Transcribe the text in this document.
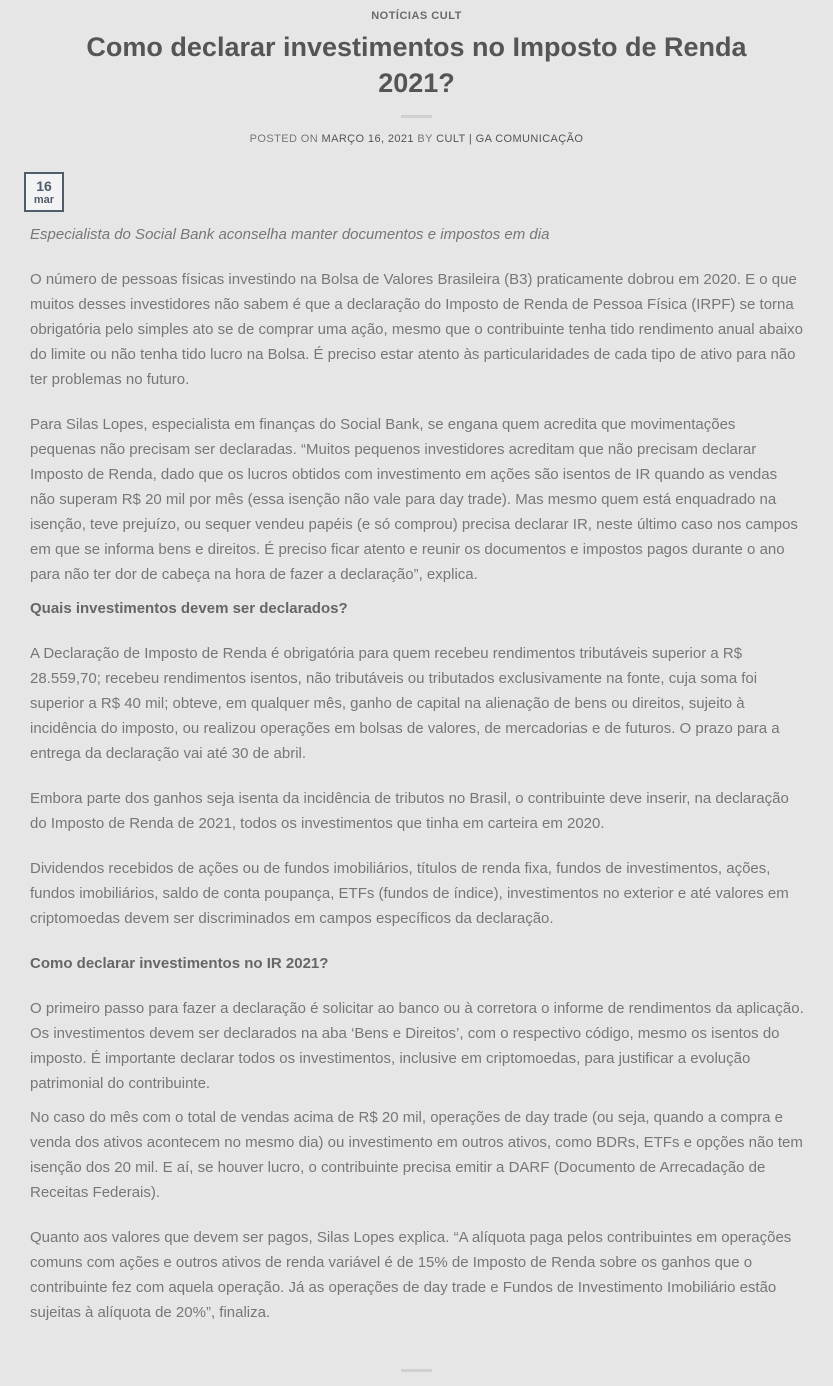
NOTÍCIAS CULT
Como declarar investimentos no Imposto de Renda 2021?
POSTED ON MARÇO 16, 2021 BY CULT | GA COMUNICAÇÃO
16
mar

Especialista do Social Bank aconselha manter documentos e impostos em dia

O número de pessoas físicas investindo na Bolsa de Valores Brasileira (B3) praticamente dobrou em 2020. E o que muitos desses investidores não sabem é que a declaração do Imposto de Renda de Pessoa Física (IRPF) se torna obrigatória pelo simples ato se de comprar uma ação, mesmo que o contribuinte tenha tido rendimento anual abaixo do limite ou não tenha tido lucro na Bolsa. É preciso estar atento às particularidades de cada tipo de ativo para não ter problemas no futuro.

Para Silas Lopes, especialista em finanças do Social Bank, se engana quem acredita que movimentações pequenas não precisam ser declaradas. “Muitos pequenos investidores acreditam que não precisam declarar Imposto de Renda, dado que os lucros obtidos com investimento em ações são isentos de IR quando as vendas não superam R$ 20 mil por mês (essa isenção não vale para day trade). Mas mesmo quem está enquadrado na isenção, teve prejuízo, ou sequer vendeu papéis (e só comprou) precisa declarar IR, neste último caso nos campos em que se informa bens e direitos. É preciso ficar atento e reunir os documentos e impostos pagos durante o ano para não ter dor de cabeça na hora de fazer a declaração”, explica.

Quais investimentos devem ser declarados?

A Declaração de Imposto de Renda é obrigatória para quem recebeu rendimentos tributáveis superior a R$ 28.559,70; recebeu rendimentos isentos, não tributáveis ou tributados exclusivamente na fonte, cuja soma foi superior a R$ 40 mil; obteve, em qualquer mês, ganho de capital na alienação de bens ou direitos, sujeito à incidência do imposto, ou realizou operações em bolsas de valores, de mercadorias e de futuros. O prazo para a entrega da declaração vai até 30 de abril.

Embora parte dos ganhos seja isenta da incidência de tributos no Brasil, o contribuinte deve inserir, na declaração do Imposto de Renda de 2021, todos os investimentos que tinha em carteira em 2020.

Dividendos recebidos de ações ou de fundos imobiliários, títulos de renda fixa, fundos de investimentos, ações, fundos imobiliários, saldo de conta poupança, ETFs (fundos de índice), investimentos no exterior e até valores em criptomoedas devem ser discriminados em campos específicos da declaração.

Como declarar investimentos no IR 2021?

O primeiro passo para fazer a declaração é solicitar ao banco ou à corretora o informe de rendimentos da aplicação. Os investimentos devem ser declarados na aba ‘Bens e Direitos’, com o respectivo código, mesmo os isentos do imposto. É importante declarar todos os investimentos, inclusive em criptomoedas, para justificar a evolução patrimonial do contribuinte.

No caso do mês com o total de vendas acima de R$ 20 mil, operações de day trade (ou seja, quando a compra e venda dos ativos acontecem no mesmo dia) ou investimento em outros ativos, como BDRs, ETFs e opções não tem isenção dos 20 mil. E aí, se houver lucro, o contribuinte precisa emitir a DARF (Documento de Arrecadação de Receitas Federais).

Quanto aos valores que devem ser pagos, Silas Lopes explica. “A alíquota paga pelos contribuintes em operações comuns com ações e outros ativos de renda variável é de 15% de Imposto de Renda sobre os ganhos que o contribuinte fez com aquela operação. Já as operações de day trade e Fundos de Investimento Imobiliário estão sujeitas à alíquota de 20%”, finaliza.
